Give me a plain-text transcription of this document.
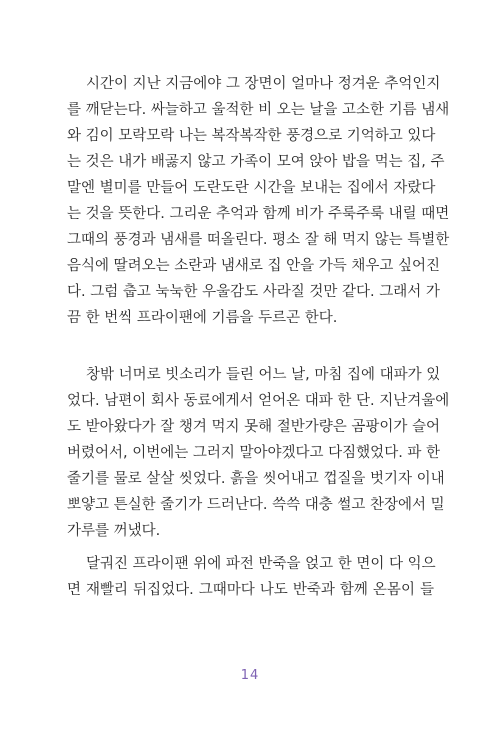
시간이 지난 지금에야 그 장면이 얼마나 정겨운 추억인지
를 깨닫는다. 싸늘하고 울적한 비 오는 날을 고소한 기름 냄새
와 김이 모락모락 나는 복작복작한 풍경으로 기억하고 있다
는 것은 내가 배곯지 않고 가족이 모여 앉아 밥을 먹는 집, 주
말엔 별미를 만들어 도란도란 시간을 보내는 집에서 자랐다
는 것을 뜻한다. 그리운 추억과 함께 비가 주룩주룩 내릴 때면
그때의 풍경과 냄새를 떠올린다. 평소 잘 해 먹지 않는 특별한
음식에 딸려오는 소란과 냄새로 집 안을 가득 채우고 싶어진
다. 그럼 춥고 눅눅한 우울감도 사라질 것만 같다. 그래서 가
끔 한 번씩 프라이팬에 기름을 두르곤 한다.
창밖 너머로 빗소리가 들린 어느 날, 마침 집에 대파가 있
었다. 남편이 회사 동료에게서 얻어온 대파 한 단. 지난겨울에
도 받아왔다가 잘 챙겨 먹지 못해 절반가량은 곰팡이가 슬어
버렸어서, 이번에는 그러지 말아야겠다고 다짐했었다. 파 한
줄기를 물로 살살 씻었다. 흙을 씻어내고 껍질을 벗기자 이내
뽀얗고 튼실한 줄기가 드러난다. 쓱쓱 대충 썰고 찬장에서 밀
가루를 꺼냈다.
달궈진 프라이팬 위에 파전 반죽을 얹고 한 면이 다 익으
면 재빨리 뒤집었다. 그때마다 나도 반죽과 함께 온몸이 들
14
